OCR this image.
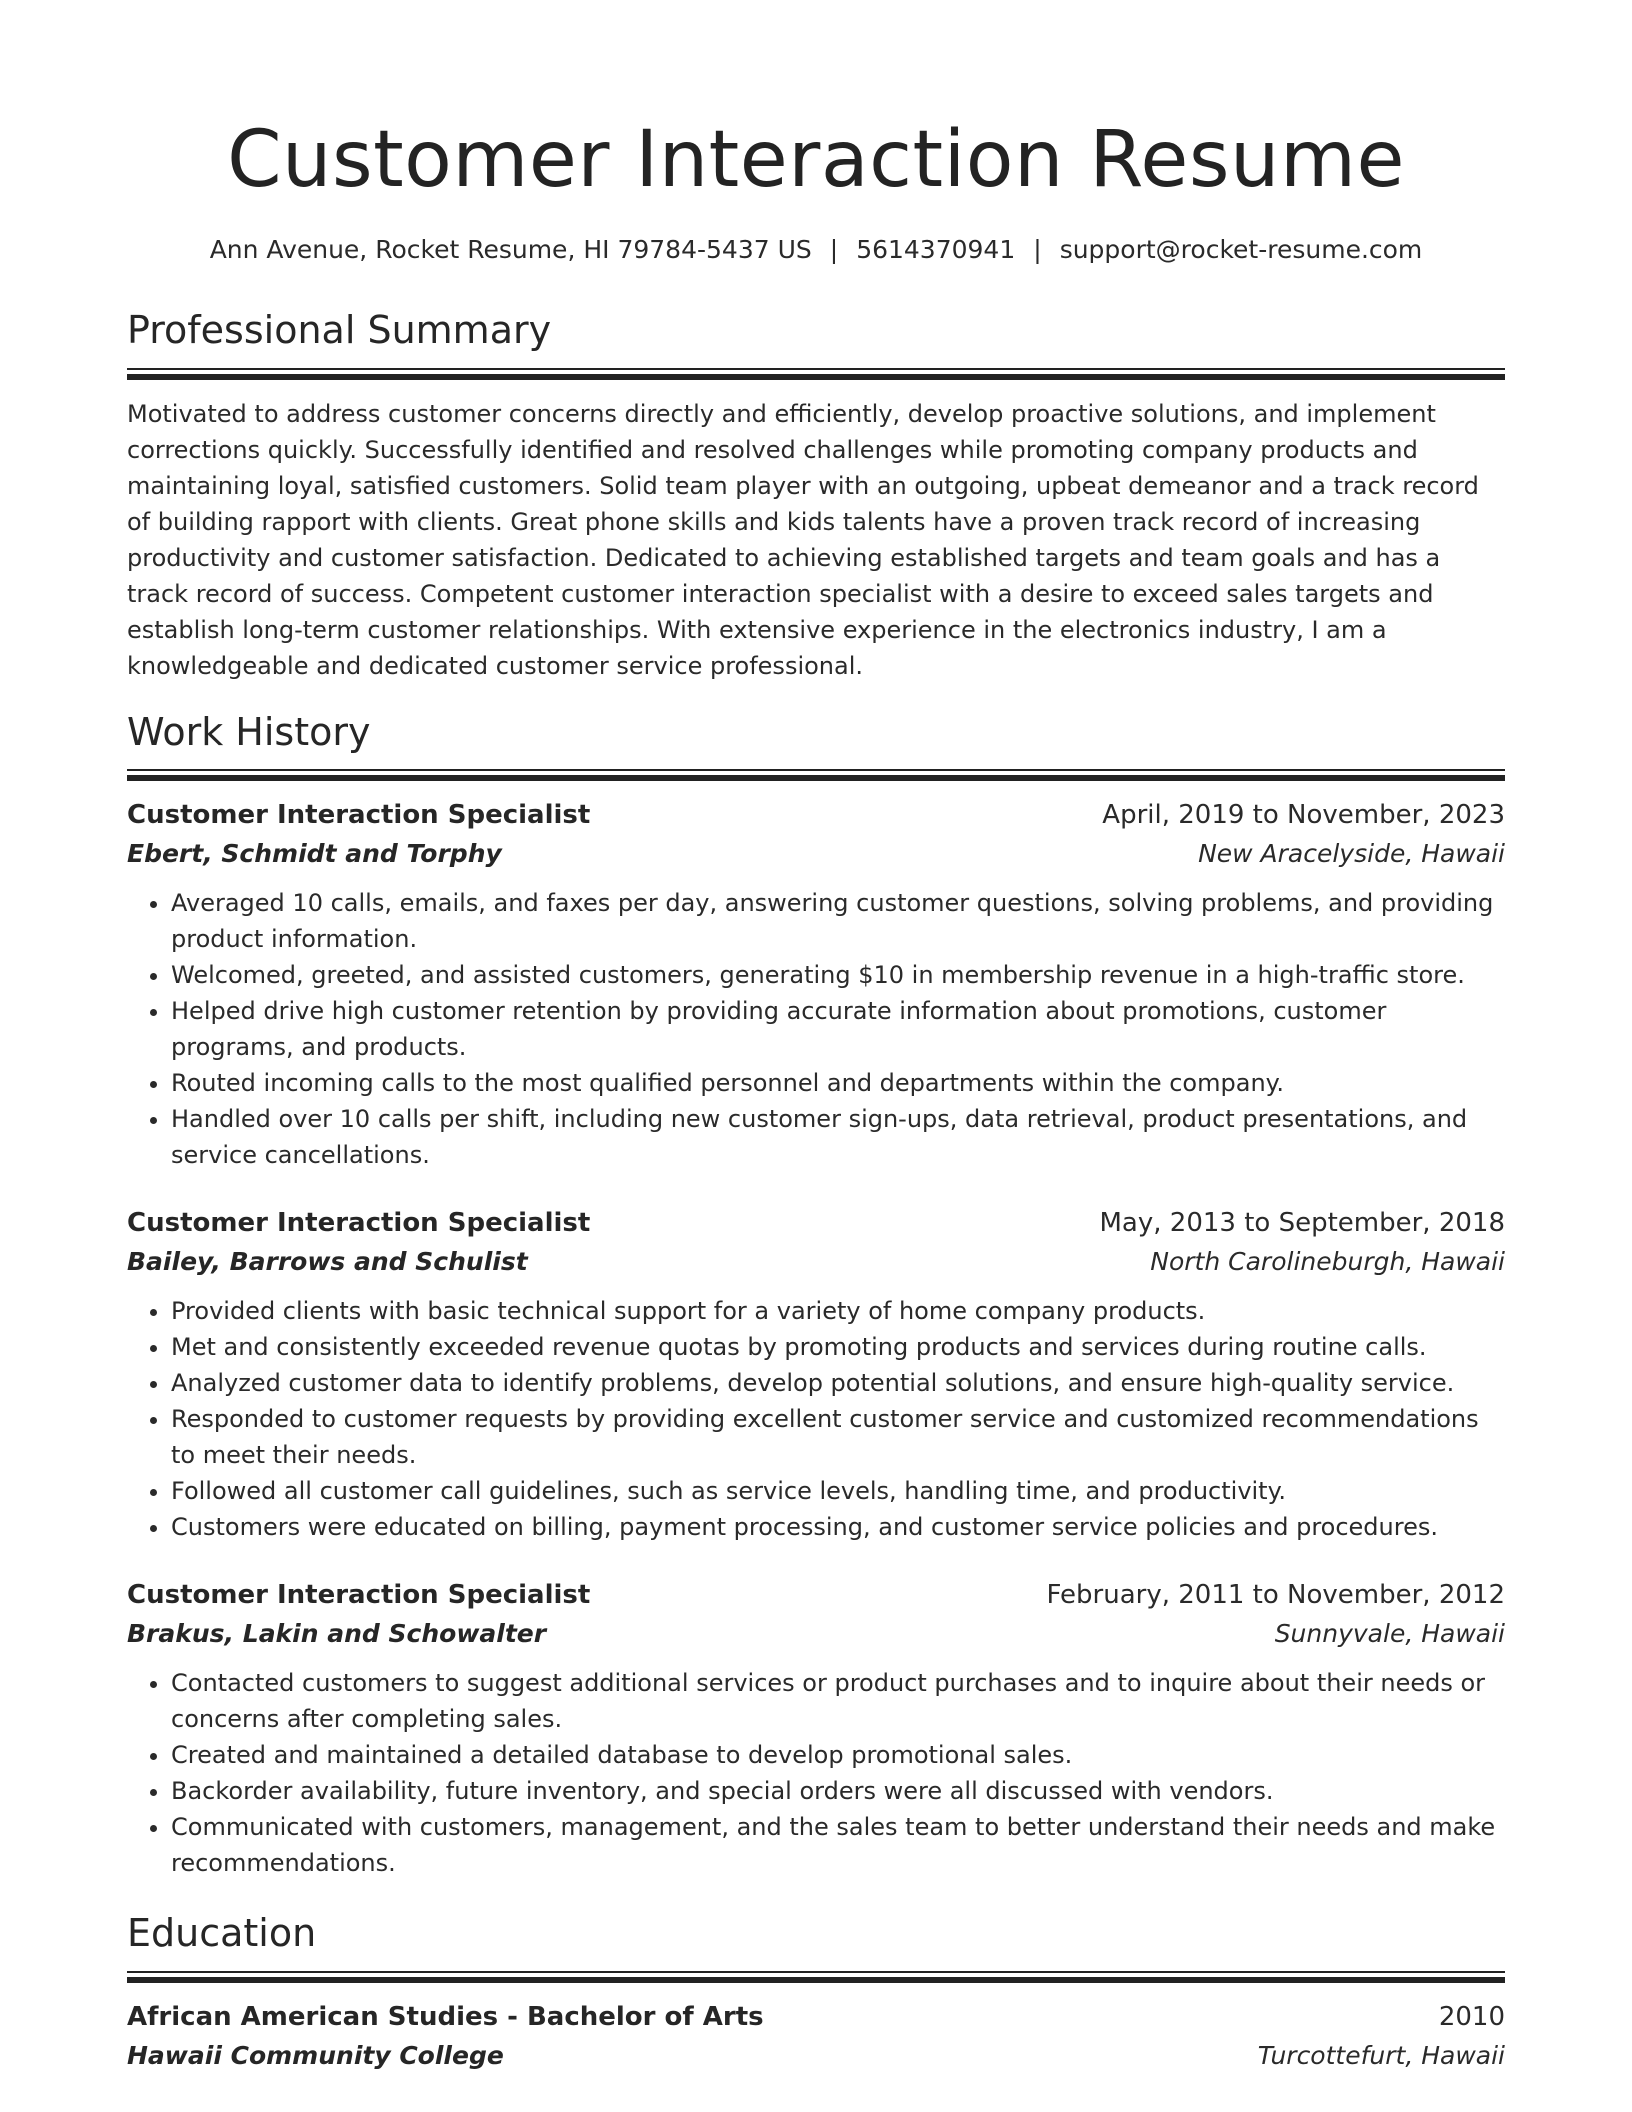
Customer Interaction Resume
Ann Avenue, Rocket Resume, HI 79784-5437 US | 5614370941 | support@rocket-resume.com
Professional Summary

Motivated to address customer concerns directly and efficiently, develop proactive solutions, and implement corrections quickly. Successfully identified and resolved challenges while promoting company products and maintaining loyal, satisfied customers. Solid team player with an outgoing, upbeat demeanor and a track record of building rapport with clients. Great phone skills and kids talents have a proven track record of increasing productivity and customer satisfaction. Dedicated to achieving established targets and team goals and has a track record of success. Competent customer interaction specialist with a desire to exceed sales targets and establish long-term customer relationships. With extensive experience in the electronics industry, I am a knowledgeable and dedicated customer service professional.

Work History
Customer Interaction Specialist	April, 2019 to November, 2023
Ebert, Schmidt and Torphy	New Aracelyside, Hawaii
• Averaged 10 calls, emails, and faxes per day, answering customer questions, solving problems, and providing product information.
• Welcomed, greeted, and assisted customers, generating $10 in membership revenue in a high-traffic store.
• Helped drive high customer retention by providing accurate information about promotions, customer programs, and products.
• Routed incoming calls to the most qualified personnel and departments within the company.
• Handled over 10 calls per shift, including new customer sign-ups, data retrieval, product presentations, and service cancellations.
Customer Interaction Specialist	May, 2013 to September, 2018
Bailey, Barrows and Schulist	North Carolineburgh, Hawaii
• Provided clients with basic technical support for a variety of home company products.
• Met and consistently exceeded revenue quotas by promoting products and services during routine calls.
• Analyzed customer data to identify problems, develop potential solutions, and ensure high-quality service.
• Responded to customer requests by providing excellent customer service and customized recommendations to meet their needs.
• Followed all customer call guidelines, such as service levels, handling time, and productivity.
• Customers were educated on billing, payment processing, and customer service policies and procedures.
Customer Interaction Specialist	February, 2011 to November, 2012
Brakus, Lakin and Schowalter	Sunnyvale, Hawaii
• Contacted customers to suggest additional services or product purchases and to inquire about their needs or concerns after completing sales.
• Created and maintained a detailed database to develop promotional sales.
• Backorder availability, future inventory, and special orders were all discussed with vendors.
• Communicated with customers, management, and the sales team to better understand their needs and make recommendations.
Education
African American Studies - Bachelor of Arts	2010
Hawaii Community College	Turcottefurt, Hawaii
